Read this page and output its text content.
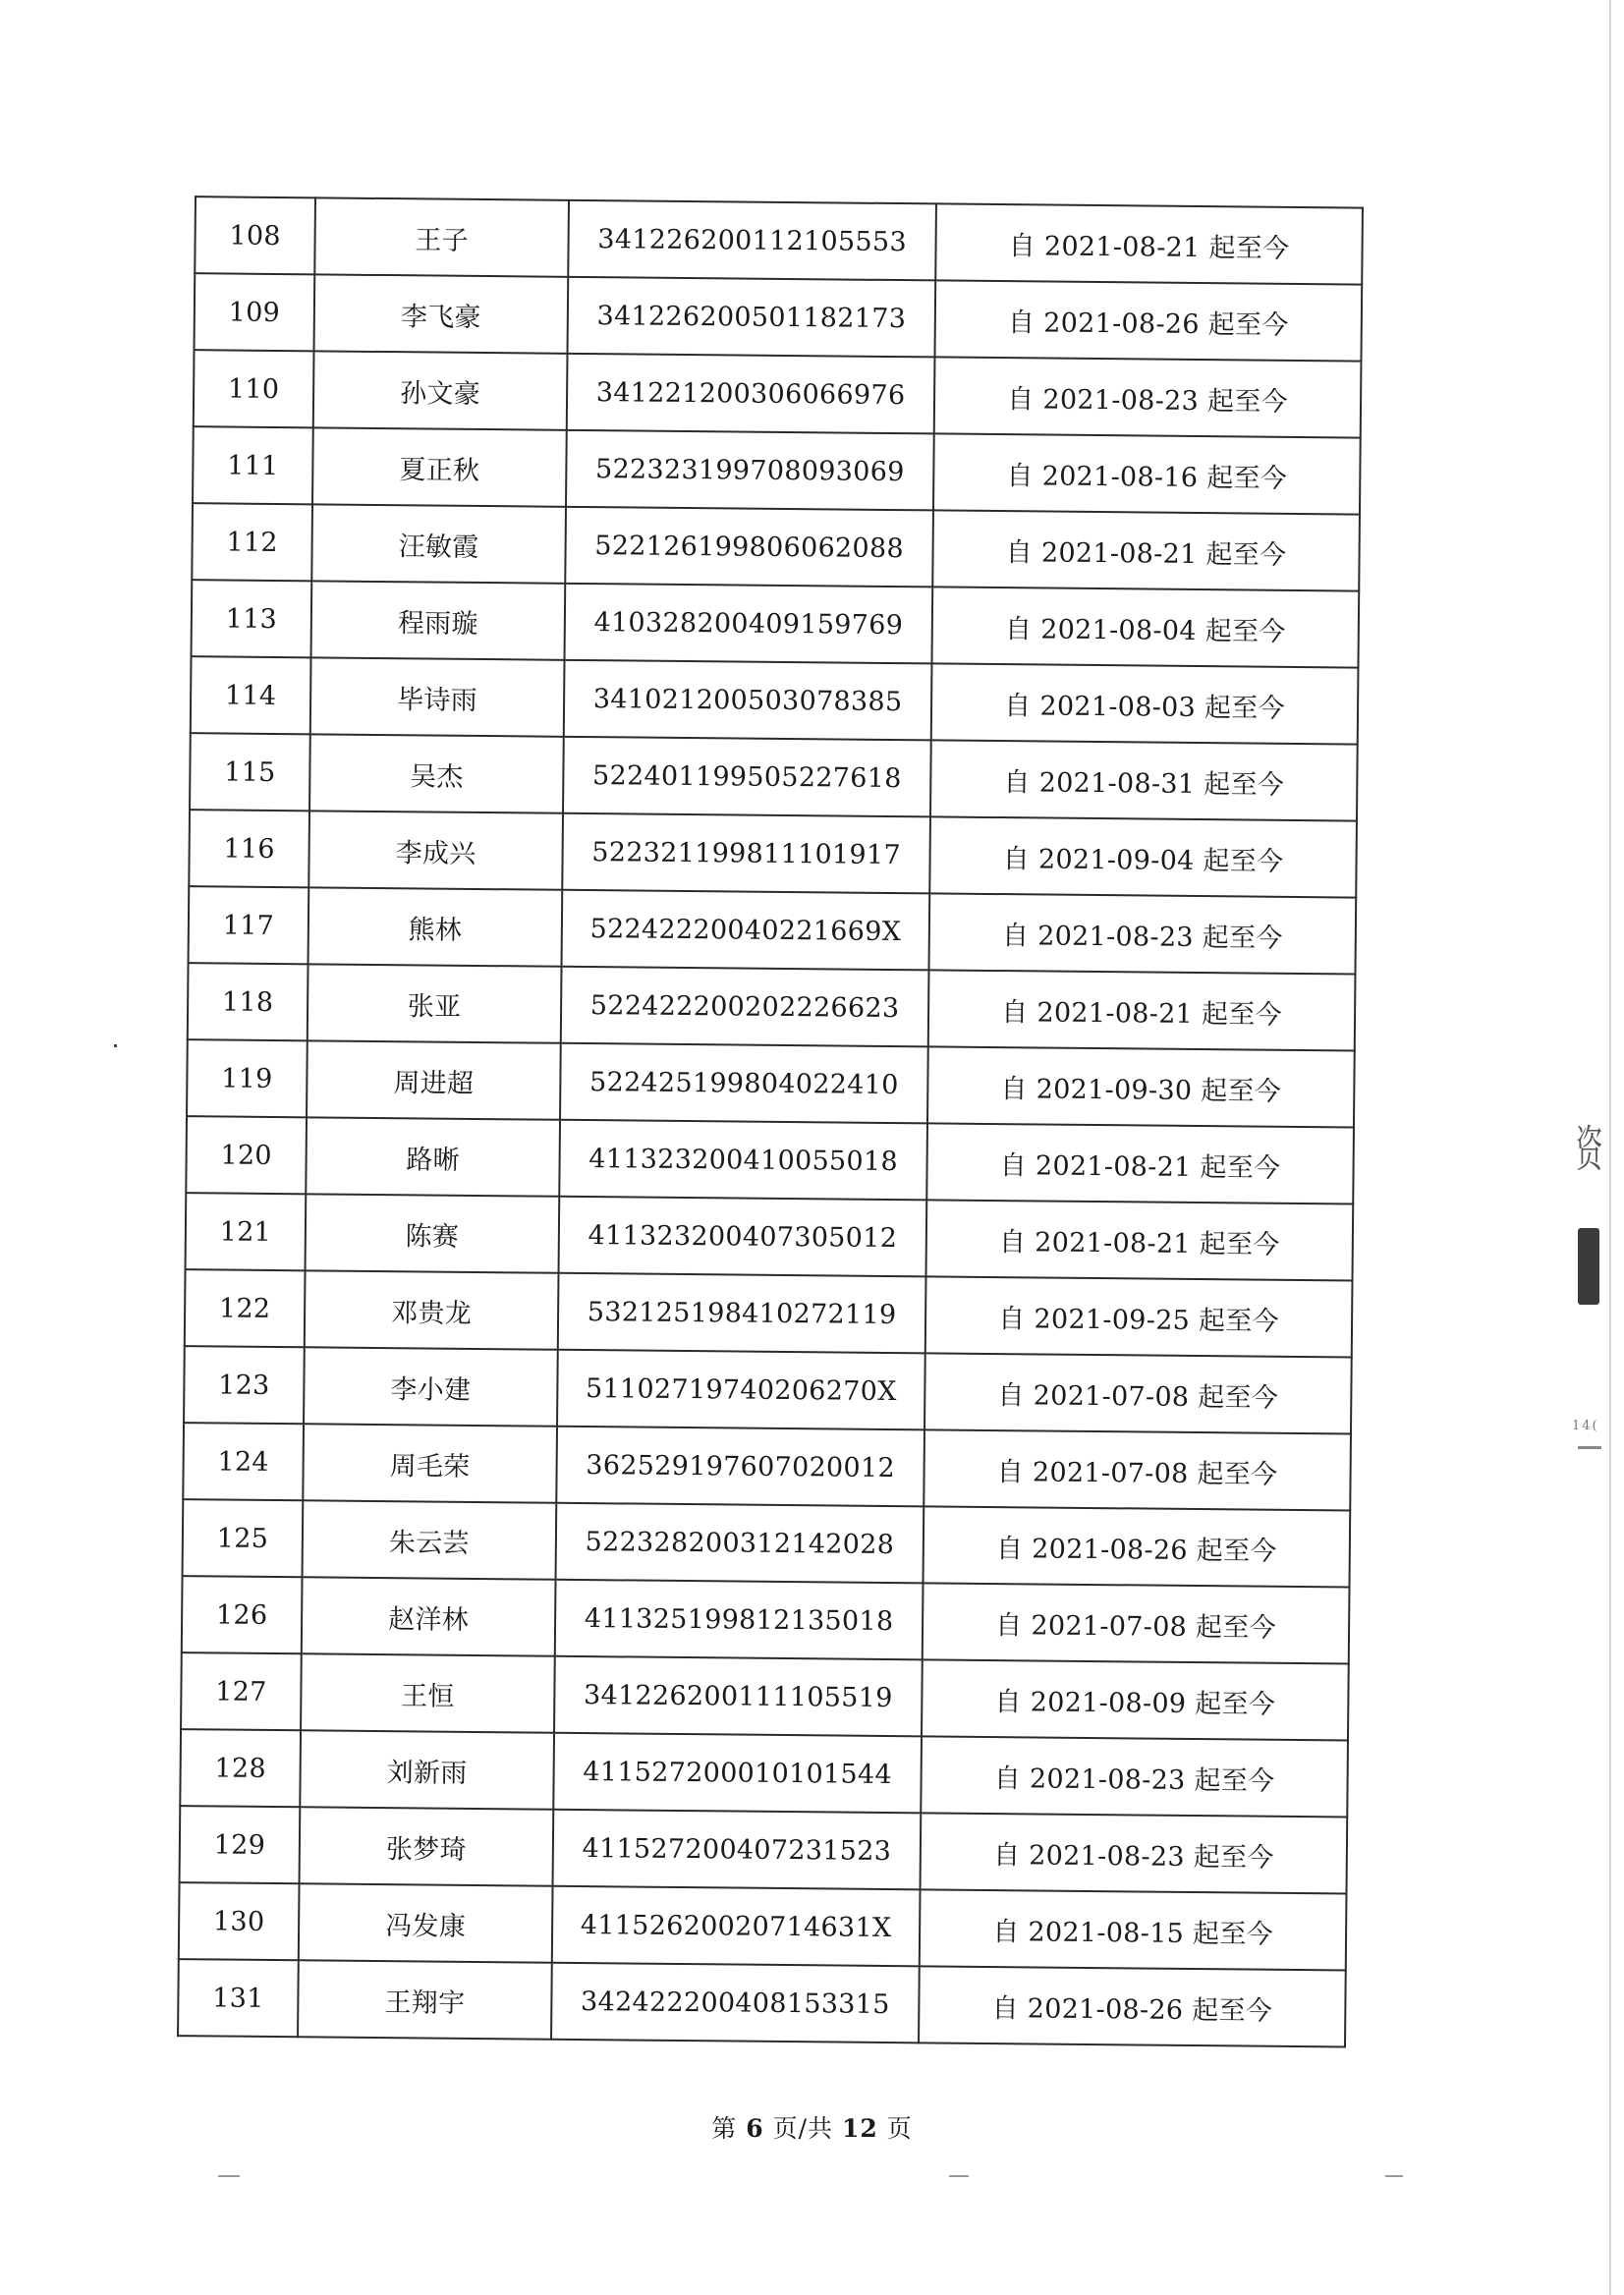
108	王子	341226200112105553	自 2021-08-21 起至今
109	李飞豪	341226200501182173	自 2021-08-26 起至今
110	孙文豪	341221200306066976	自 2021-08-23 起至今
111	夏正秋	522323199708093069	自 2021-08-16 起至今
112	汪敏霞	522126199806062088	自 2021-08-21 起至今
113	程雨璇	410328200409159769	自 2021-08-04 起至今
114	毕诗雨	341021200503078385	自 2021-08-03 起至今
115	吴杰	522401199505227618	自 2021-08-31 起至今
116	李成兴	522321199811101917	自 2021-09-04 起至今
117	熊林	52242220040221669X	自 2021-08-23 起至今
118	张亚	522422200202226623	自 2021-08-21 起至今
119	周进超	522425199804022410	自 2021-09-30 起至今
120	路晰	411323200410055018	自 2021-08-21 起至今
121	陈赛	411323200407305012	自 2021-08-21 起至今
122	邓贵龙	532125198410272119	自 2021-09-25 起至今
123	李小建	51102719740206270X	自 2021-07-08 起至今
124	周毛荣	362529197607020012	自 2021-07-08 起至今
125	朱云芸	522328200312142028	自 2021-08-26 起至今
126	赵洋林	411325199812135018	自 2021-07-08 起至今
127	王恒	341226200111105519	自 2021-08-09 起至今
128	刘新雨	411527200010101544	自 2021-08-23 起至今
129	张梦琦	411527200407231523	自 2021-08-23 起至今
130	冯发康	41152620020714631X	自 2021-08-15 起至今
131	王翔宇	342422200408153315	自 2021-08-26 起至今
第 6 页/共 12 页
资
14(
